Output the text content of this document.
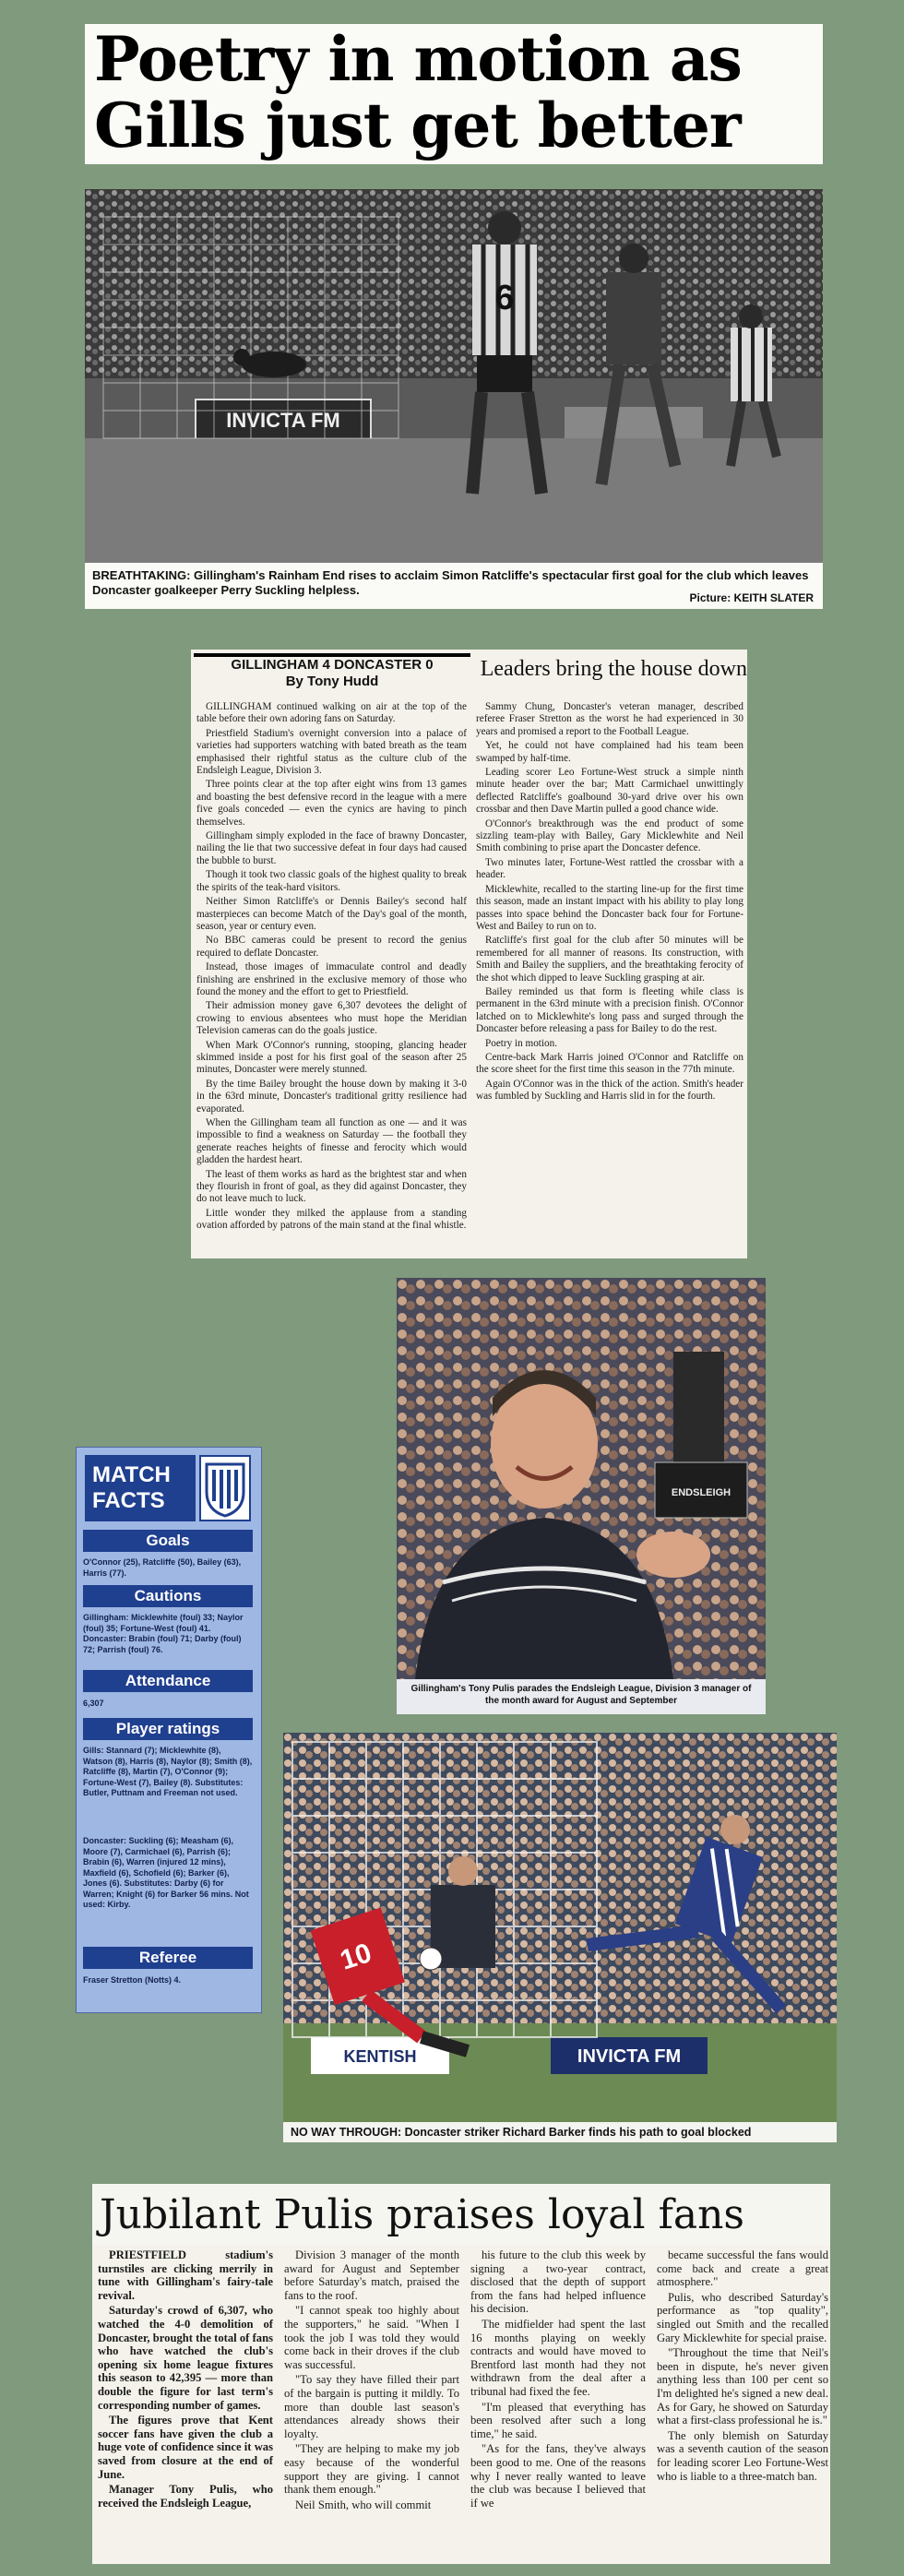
Poetry in motion as
Gills just get better
INVICTA FM
6
BREATHTAKING: Gillingham's Rainham End rises to acclaim Simon Ratcliffe's spectacular first goal for the club which leaves Doncaster goalkeeper Perry Suckling helpless.
Picture: KEITH SLATER
GILLINGHAM 4 DONCASTER 0
By Tony Hudd
Leaders bring the house down

GILLINGHAM continued walking on air at the top of the table before their own adoring fans on Saturday.

Priestfield Stadium's overnight conversion into a palace of varieties had supporters watching with bated breath as the team emphasised their rightful status as the culture club of the Endsleigh League, Division 3.

Three points clear at the top after eight wins from 13 games and boasting the best defensive record in the league with a mere five goals conceded — even the cynics are having to pinch themselves.

Gillingham simply exploded in the face of brawny Doncaster, nailing the lie that two successive defeat in four days had caused the bubble to burst.

Though it took two classic goals of the highest quality to break the spirits of the teak-hard visitors.

Neither Simon Ratcliffe's or Dennis Bailey's second half masterpieces can become Match of the Day's goal of the month, season, year or century even.

No BBC cameras could be present to record the genius required to deflate Doncaster.

Instead, those images of immaculate control and deadly finishing are enshrined in the exclusive memory of those who found the money and the effort to get to Priestfield.

Their admission money gave 6,307 devotees the delight of crowing to envious absentees who must hope the Meridian Television cameras can do the goals justice.

When Mark O'Connor's running, stooping, glancing header skimmed inside a post for his first goal of the season after 25 minutes, Doncaster were merely stunned.

By the time Bailey brought the house down by making it 3-0 in the 63rd minute, Doncaster's traditional gritty resilience had evaporated.

When the Gillingham team all function as one — and it was impossible to find a weakness on Saturday — the football they generate reaches heights of finesse and ferocity which would gladden the hardest heart.

The least of them works as hard as the brightest star and when they flourish in front of goal, as they did against Doncaster, they do not leave much to luck.

Little wonder they milked the applause from a standing ovation afforded by patrons of the main stand at the final whistle.

Sammy Chung, Doncaster's veteran manager, described referee Fraser Stretton as the worst he had experienced in 30 years and promised a report to the Football League.

Yet, he could not have complained had his team been swamped by half-time.

Leading scorer Leo Fortune-West struck a simple ninth minute header over the bar; Matt Carmichael unwittingly deflected Ratcliffe's goalbound 30-yard drive over his own crossbar and then Dave Martin pulled a good chance wide.

O'Connor's breakthrough was the end product of some sizzling team-play with Bailey, Gary Micklewhite and Neil Smith combining to prise apart the Doncaster defence.

Two minutes later, Fortune-West rattled the crossbar with a header.

Micklewhite, recalled to the starting line-up for the first time this season, made an instant impact with his ability to play long passes into space behind the Doncaster back four for Fortune-West and Bailey to run on to.

Ratcliffe's first goal for the club after 50 minutes will be remembered for all manner of reasons. Its construction, with Smith and Bailey the suppliers, and the breathtaking ferocity of the shot which dipped to leave Suckling grasping at air.

Bailey reminded us that form is fleeting while class is permanent in the 63rd minute with a precision finish. O'Connor latched on to Micklewhite's long pass and surged through the Doncaster before releasing a pass for Bailey to do the rest.

Poetry in motion.

Centre-back Mark Harris joined O'Connor and Ratcliffe on the score sheet for the first time this season in the 77th minute.

Again O'Connor was in the thick of the action. Smith's header was fumbled by Suckling and Harris slid in for the fourth.

MATCH
FACTS
Goals
O'Connor (25), Ratcliffe (50), Bailey (63), Harris (77).
Cautions
Gillingham: Micklewhite (foul) 33; Naylor (foul) 35; Fortune-West (foul) 41. Doncaster: Brabin (foul) 71; Darby (foul) 72; Parrish (foul) 76.
Attendance
6,307
Player ratings
Gills: Stannard (7); Micklewhite (8), Watson (8), Harris (8), Naylor (8); Smith (8), Ratcliffe (8), Martin (7), O'Connor (9); Fortune-West (7), Bailey (8). Substitutes: Butler, Puttnam and Freeman not used.
Doncaster: Suckling (6); Measham (6), Moore (7), Carmichael (6), Parrish (6); Brabin (6), Warren (injured 12 mins), Maxfield (6), Schofield (6); Barker (6), Jones (6). Substitutes: Darby (6) for Warren; Knight (6) for Barker 56 mins. Not used: Kirby.
Referee
Fraser Stretton (Notts) 4.
ENDSLEIGH
Gillingham's Tony Pulis parades the Endsleigh League, Division 3 manager of the month award for August and September
KENTISH	INVICTA FM
10
NO WAY THROUGH: Doncaster striker Richard Barker finds his path to goal blocked
Jubilant Pulis praises loyal fans

PRIESTFIELD stadium's turnstiles are clicking merrily in tune with Gillingham's fairy-tale revival.

Saturday's crowd of 6,307, who watched the 4-0 demolition of Doncaster, brought the total of fans who have watched the club's opening six home league fixtures this season to 42,395 — more than double the figure for last term's corresponding number of games.

The figures prove that Kent soccer fans have given the club a huge vote of confidence since it was saved from closure at the end of June.

Manager Tony Pulis, who received the Endsleigh League,

Division 3 manager of the month award for August and September before Saturday's match, praised the fans to the roof.

"I cannot speak too highly about the supporters," he said. "When I took the job I was told they would come back in their droves if the club was successful.

"To say they have filled their part of the bargain is putting it mildly. To more than double last season's attendances already shows their loyalty.

"They are helping to make my job easy because of the wonderful support they are giving. I cannot thank them enough."

Neil Smith, who will commit

his future to the club this week by signing a two-year contract, disclosed that the depth of support from the fans had helped influence his decision.

The midfielder had spent the last 16 months playing on weekly contracts and would have moved to Brentford last month had they not withdrawn from the deal after a tribunal had fixed the fee.

"I'm pleased that everything has been resolved after such a long time," he said.

"As for the fans, they've always been good to me. One of the reasons why I never really wanted to leave the club was because I believed that if we

became successful the fans would come back and create a great atmosphere."

Pulis, who described Saturday's performance as "top quality", singled out Smith and the recalled Gary Micklewhite for special praise.

"Throughout the time that Neil's been in dispute, he's never given anything less than 100 per cent so I'm delighted he's signed a new deal. As for Gary, he showed on Saturday what a first-class professional he is."

The only blemish on Saturday was a seventh caution of the season for leading scorer Leo Fortune-West who is liable to a three-match ban.
